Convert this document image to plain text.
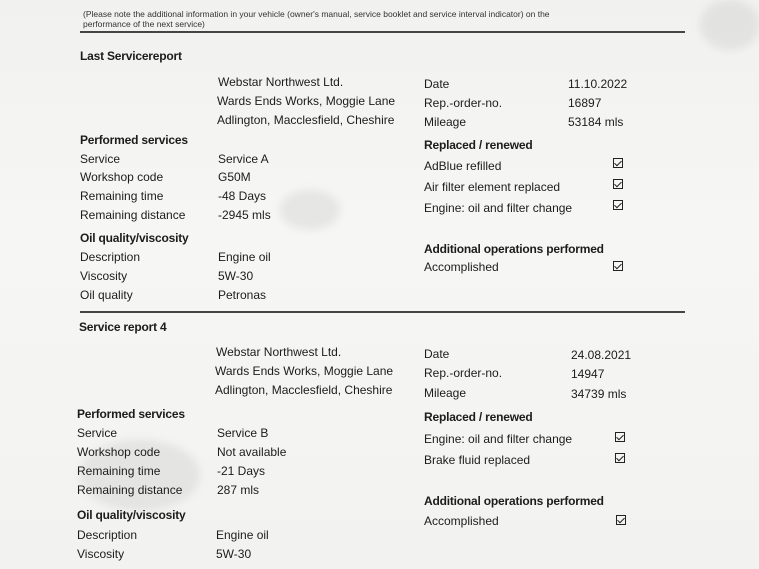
(Please note the additional information in your vehicle (owner's manual, service booklet and service interval indicator) on the
performance of the next service)
Last Servicereport
Webstar Northwest Ltd.
Wards Ends Works, Moggie Lane
Adlington, Macclesfield, Cheshire
Date	11.10.2022
Rep.-order-no.	16897
Mileage	53184 mls
Performed services
Service	Service A
Workshop code	G50M
Remaining time	-48 Days
Remaining distance	-2945 mls
Oil quality/viscosity
Description	Engine oil
Viscosity	5W-30
Oil quality	Petronas
Replaced / renewed
AdBlue refilled
Air filter element replaced
Engine: oil and filter change
Additional operations performed
Accomplished
Service report 4
Webstar Northwest Ltd.
Wards Ends Works, Moggie Lane
Adlington, Macclesfield, Cheshire
Date	24.08.2021
Rep.-order-no.	14947
Mileage	34739 mls
Performed services
Service	Service B
Workshop code	Not available
Remaining time	-21 Days
Remaining distance	287 mls
Oil quality/viscosity
Description	Engine oil
Viscosity	5W-30
Replaced / renewed
Engine: oil and filter change
Brake fluid replaced
Additional operations performed
Accomplished
